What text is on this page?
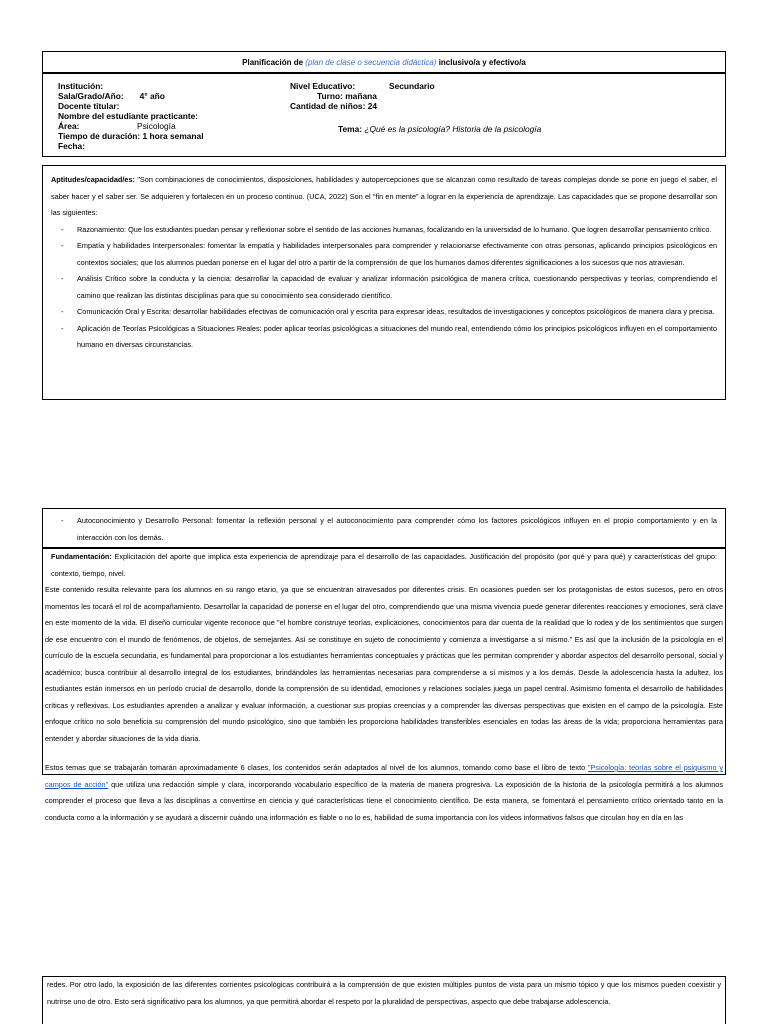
Planificación de (plan de clase o secuencia didáctica) inclusivo/a y efectivo/a
Institución:
Sala/Grado/Año: 4° año
Docente titular:
Nombre del estudiante practicante:
Área:	Psicología
Tiempo de duración: 1 hora semanal
Fecha:
Nivel Educativo:	Secundario
Turno: mañana
Cantidad de niños: 24
Tema: ¿Qué es la psicología? Historia de la psicología

Aptitudes/capacidad/es: "Son combinaciones de conocimientos, disposiciones, habilidades y autopercepciones que se alcanzan como resultado de tareas complejas donde se pone en juego el saber, el saber hacer y el saber ser. Se adquieren y fortalecen en un proceso continuo. (UCA, 2022) Son el "fin en mente" a lograr en la experiencia de aprendizaje. Las capacidades que se propone desarrollar son las siguientes:

- Razonamiento: Que los estudiantes puedan pensar y reflexionar sobre el sentido de las acciones humanas, focalizando en la universidad de lo humano. Que logren desarrollar pensamiento crítico.
- Empatía y habilidades Interpersonales: fomentar la empatía y habilidades interpersonales para comprender y relacionarse efectivamente con otras personas, aplicando principios psicológicos en contextos sociales; que los alumnos puedan ponerse en el lugar del otro a partir de la comprensión de que los humanos damos diferentes significaciones a los sucesos que nos atraviesan.
- Análisis Crítico sobre la conducta y la ciencia: desarrollar la capacidad de evaluar y analizar información psicológica de manera crítica, cuestionando perspectivas y teorías, comprendiendo el camino que realizan las distintas disciplinas para que su conocimiento sea considerado científico.
- Comunicación Oral y Escrita: desarrollar habilidades efectivas de comunicación oral y escrita para expresar ideas, resultados de investigaciones y conceptos psicológicos de manera clara y precisa.
- Aplicación de Teorías Psicológicas a Situaciones Reales: poder aplicar teorías psicológicas a situaciones del mundo real, entendiendo cómo los principios psicológicos influyen en el comportamiento humano en diversas circunstancias.
- Autoconocimiento y Desarrollo Personal: fomentar la reflexión personal y el autoconocimiento para comprender cómo los factores psicológicos influyen en el propio comportamiento y en la interacción con los demás.

Fundamentación: Explicitación del aporte que implica esta experiencia de aprendizaje para el desarrollo de las capacidades. Justificación del propósito (por qué y para qué) y características del grupo: contexto, tiempo, nivel.

Este contenido resulta relevante para los alumnos en su rango etario, ya que se encuentran atravesados por diferentes crisis. En ocasiones pueden ser los protagonistas de estos sucesos, pero en otros momentos les tocará el rol de acompañamiento. Desarrollar la capacidad de ponerse en el lugar del otro, comprendiendo que una misma vivencia puede generar diferentes reacciones y emociones, será clave en este momento de la vida. El diseño curricular vigente reconoce que "el hombre construye teorías, explicaciones, conocimientos para dar cuenta de la realidad que lo rodea y de los sentimientos que surgen de ese encuentro con el mundo de fenómenos, de objetos, de semejantes. Así se constituye en sujeto de conocimiento y comienza a investigarse a sí mismo." Es así que la inclusión de la psicología en el currículo de la escuela secundaria, es fundamental para proporcionar a los estudiantes herramientas conceptuales y prácticas que les permitan comprender y abordar aspectos del desarrollo personal, social y académico; busca contribuir al desarrollo integral de los estudiantes, brindándoles las herramientas necesarias para comprenderse a sí mismos y a los demás. Desde la adolescencia hasta la adultez, los estudiantes están inmersos en un período crucial de desarrollo, donde la comprensión de su identidad, emociones y relaciones sociales juega un papel central. Asimismo fomenta el desarrollo de habilidades críticas y reflexivas. Los estudiantes aprenden a analizar y evaluar información, a cuestionar sus propias creencias y a comprender las diversas perspectivas que existen en el campo de la psicología. Este enfoque crítico no solo beneficia su comprensión del mundo psicológico, sino que también les proporciona habilidades transferibles esenciales en todas las áreas de la vida; proporciona herramientas para entender y abordar situaciones de la vida diaria.

Estos temas que se trabajarán tomarán aproximadamente 6 clases, los contenidos serán adaptados al nivel de los alumnos, tomando como base el libro de texto "Psicología: teorías sobre el psiquismo y campos de acción" que utiliza una redacción simple y clara, incorporando vocabulario específico de la materia de manera progresiva. La exposición de la historia de la psicología permitirá a los alumnos comprender el proceso que lleva a las disciplinas a convertirse en ciencia y qué características tiene el conocimiento científico. De esta manera, se fomentará el pensamiento crítico orientado tanto en la conducta como a la información y se ayudará a discernir cuándo una información es fiable o no lo es, habilidad de suma importancia con los videos informativos falsos que circulan hoy en día en las

redes. Por otro lado, la exposición de las diferentes corrientes psicológicas contribuirá a la comprensión de que existen múltiples puntos de vista para un mismo tópico y que los mismos pueden coexistir y nutrirse uno de otro. Esto será significativo para los alumnos, ya que permitirá abordar el respeto por la pluralidad de perspectivas, aspecto que debe trabajarse adolescencia.
